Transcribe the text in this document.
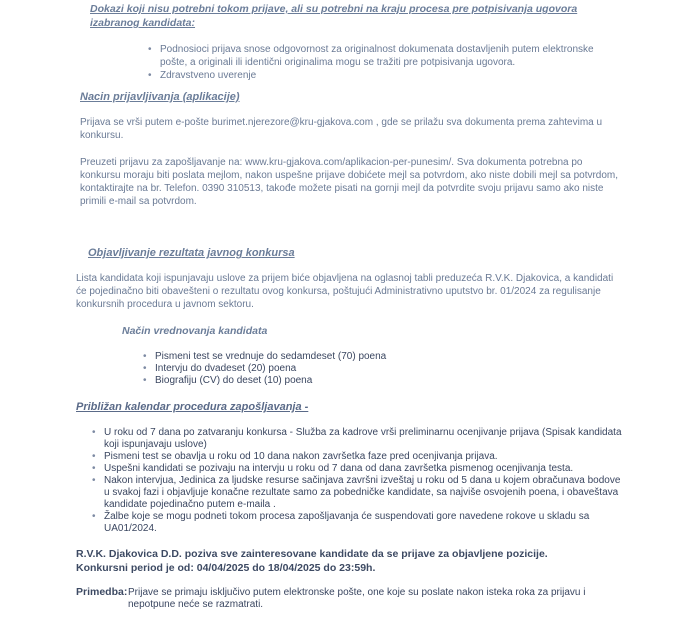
Dokazi koji nisu potrebni tokom prijave, ali su potrebni na kraju procesa pre potpisivanja ugovora
izabranog kandidata:
• Podnosioci prijava snose odgovornost za originalnost dokumenata dostavljenih putem elektronske pošte, a originali ili identični originalima mogu se tražiti pre potpisivanja ugovora.
• Zdravstveno uverenje
Nacin prijavljivanja (aplikacije)
Prijava se vrši putem e-pošte burimet.njerezore@kru-gjakova.com , gde se prilažu sva dokumenta prema zahtevima u konkursu.
Preuzeti prijavu za zapošljavanje na: www.kru-gjakova.com/aplikacion-per-punesim/. Sva dokumenta potrebna po konkursu moraju biti poslata mejlom, nakon uspešne prijave dobićete mejl sa potvrdom, ako niste dobili mejl sa potvrdom, kontaktirajte na br. Telefon. 0390 310513, takođe možete pisati na gornji mejl da potvrdite svoju prijavu samo ako niste primili e-mail sa potvrdom.
Objavljivanje rezultata javnog konkursa
Lista kandidata koji ispunjavaju uslove za prijem biće objavljena na oglasnoj tabli preduzeća R.V.K. Djakovica, a kandidati će pojedinačno biti obavešteni o rezultatu ovog konkursa, poštujući Administrativno uputstvo br. 01/2024 za regulisanje konkursnih procedura u javnom sektoru.
Način vrednovanja kandidata
• Pismeni test se vrednuje do sedamdeset (70) poena
• Intervju do dvadeset (20) poena
• Biografiju (CV) do deset (10) poena
Približan kalendar procedura zapošljavanja -
• U roku od 7 dana po zatvaranju konkursa - Služba za kadrove vrši preliminarnu ocenjivanje prijava (Spisak kandidata koji ispunjavaju uslove)
• Pismeni test se obavlja u roku od 10 dana nakon završetka faze pred ocenjivanja prijava.
• Uspešni kandidati se pozivaju na intervju u roku od 7 dana od dana završetka pismenog ocenjivanja testa.
• Nakon intervjua, Jedinica za ljudske resurse sačinjava završni izveštaj u roku od 5 dana u kojem obračunava bodove u svakoj fazi i objavljuje konačne rezultate samo za pobedničke kandidate, sa najviše osvojenih poena, i obaveštava kandidate pojedinačno putem e-maila .
• Žalbe koje se mogu podneti tokom procesa zapošljavanja će suspendovati gore navedene rokove u skladu sa UA01/2024.
R.V.K. Djakovica D.D. poziva sve zainteresovane kandidate da se prijave za objavljene pozicije.
Konkursni period je od: 04/04/2025 do 18/04/2025 do 23:59h.
Primedba: Prijave se primaju isključivo putem elektronske pošte, one koje su poslate nakon isteka roka za prijavu i nepotpune neće se razmatrati.
